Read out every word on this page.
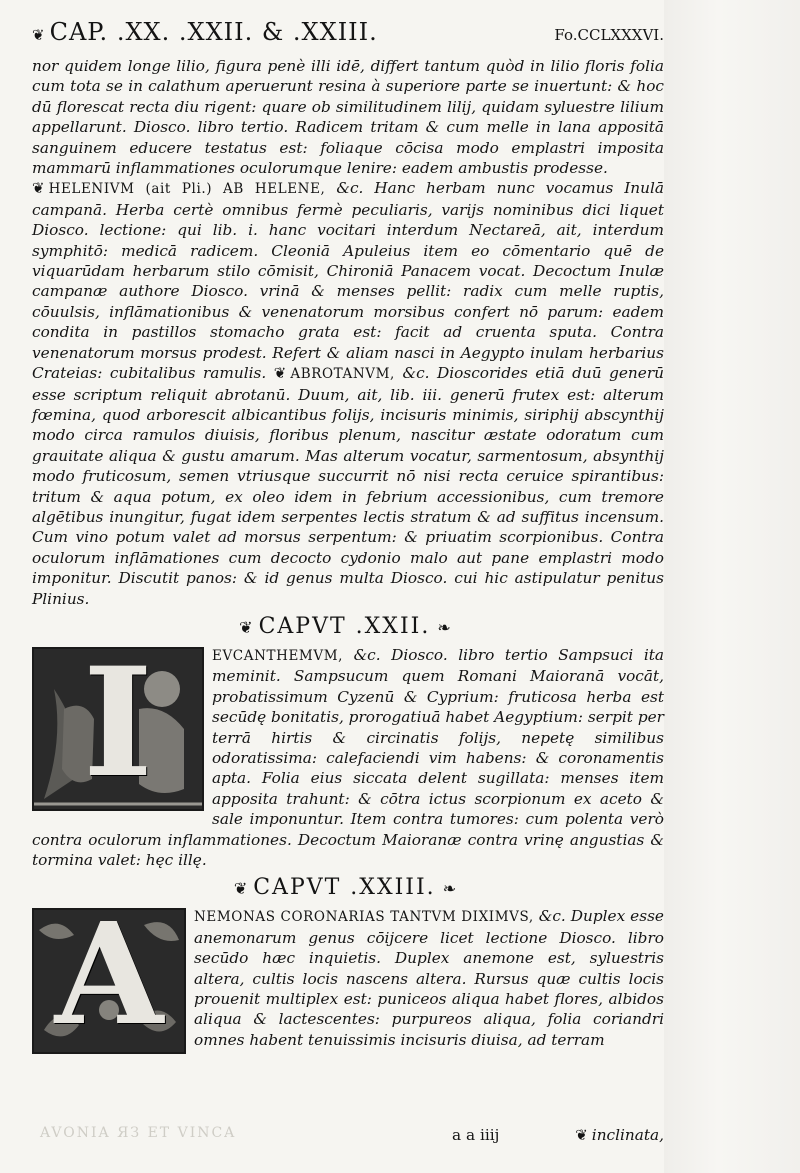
❦ CAP. .XX. .XXII. & .XXIII.	Fo.CCLXXXVI.

nor quidem longe lilio, figura penè illi idē, differt tantum quòd in lilio floris folia cum tota se in calathum aperuerunt resina à superiore parte se inuertunt: & hoc dū florescat recta diu rigent: quare ob similitudinem lilij, quidam syluestre lilium appellarunt. Diosco. libro tertio. Radicem tritam & cum melle in lana appositā sanguinem educere testatus est: foliaque cōcisa modo emplastri imposita mammarū inflammationes oculorumque lenire: eadem ambustis prodesse.

❦ HELENIVM (ait Pli.) AB HELENE, &c. Hanc herbam nunc vocamus Inulā campanā. Herba certè omnibus fermè peculiaris, varijs nominibus dici liquet Diosco. lectione: qui lib. i. hanc vocitari interdum Nectareā, ait, interdum symphitō: medicā radicem. Cleoniā Apuleius item eo cōmentario quē de viquarūdam herbarum stilo cōmisit, Chironiā Panacem vocat. Decoctum Inulæ campanæ authore Diosco. vrinā & menses pellit: radix cum melle ruptis, cōuulsis, inflāmationibus & venenatorum morsibus confert nō parum: eadem condita in pastillos stomacho grata est: facit ad cruenta sputa. Contra venenatorum morsus prodest. Refert & aliam nasci in Aegypto inulam herbarius Crateias: cubitalibus ramulis. ❦ ABROTANVM, &c. Dioscorides etiā duū generū esse scriptum reliquit abrotanū. Duum, ait, lib. iii. generū frutex est: alterum fœmina, quod arborescit albicantibus folijs, incisuris minimis, siriphij abscynthij modo circa ramulos diuisis, floribus plenum, nascitur æstate odoratum cum grauitate aliqua & gustu amarum. Mas alterum vocatur, sarmentosum, absynthij modo fruticosum, semen vtriusque succurrit nō nisi recta ceruice spirantibus: tritum & aqua potum, ex oleo idem in febrium accessionibus, cum tremore algētibus inungitur, fugat idem serpentes lectis stratum & ad suffitus incensum. Cum vino potum valet ad morsus serpentum: & priuatim scorpionibus. Contra oculorum inflāmationes cum decocto cydonio malo aut pane emplastri modo imponitur. Discutit panos: & id genus multa Diosco. cui hic astipulatur penitus Plinius.

❦ CAPVT .XXII. ❧
I	EVCANTHEMVM, &c. Diosco. libro tertio Sampsuci ita meminit. Sampsucum quem Romani Maioranā vocāt, probatissimum Cyzenū & Cyprium: fruticosa herba est secūdę bonitatis, prorogatiuā habet Aegyptium: serpit per terrā hirtis & circinatis folijs, nepetę similibus odoratissima: calefaciendi vim habens: & coronamentis apta. Folia eius siccata delent sugillata: menses item apposita trahunt: & cōtra ictus scorpionum ex aceto & sale imponuntur. Item contra tumores: cum polenta verò contra oculorum inflammationes. Decoctum Maioranæ contra vrinę angustias & tormina valet: hęc illę.
❦ CAPVT .XXIII. ❧
A	NEMONAS CORONARIAS TANTVM DIXIMVS, &c. Duplex esse anemonarum genus cōijcere licet lectione Diosco. libro secūdo hæc inquietis. Duplex anemone est, syluestris altera, cultis locis nascens altera. Rursus quæ cultis locis prouenit multiplex est: puniceos aliqua habet flores, albidos aliqua & lactescentes: purpureos aliqua, folia coriandri omnes habent tenuissimis incisuris diuisa, ad terram
a a iiij	❦ inclinata,
AVONIA ЯЗ ET VINCA
